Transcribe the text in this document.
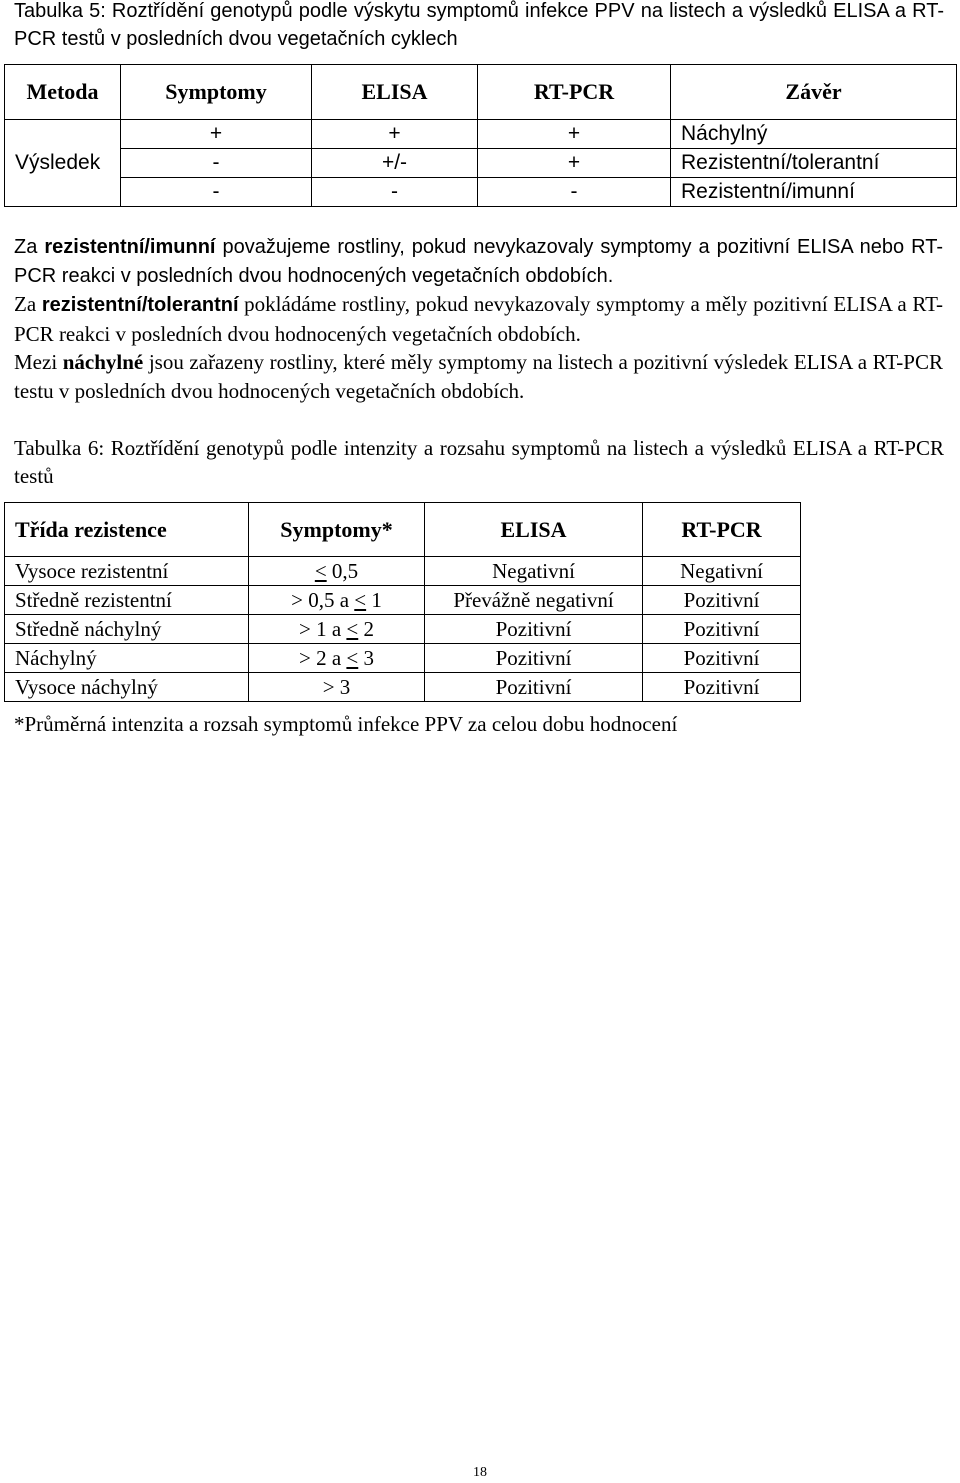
Tabulka 5: Roztřídění genotypů podle výskytu symptomů infekce PPV na listech a výsledků ELISA a RT-PCR testů v posledních dvou vegetačních cyklech
Metoda	Symptomy	ELISA	RT-PCR	Závěr
Výsledek	+	+	+	Náchylný
	-	+/-	+	Rezistentní/tolerantní
	-	-	-	Rezistentní/imunní

Za rezistentní/imunní považujeme rostliny, pokud nevykazovaly symptomy a pozitivní ELISA nebo RT-PCR reakci v posledních dvou hodnocených vegetačních obdobích.

Za rezistentní/tolerantní pokládáme rostliny, pokud nevykazovaly symptomy a měly pozitivní ELISA a RT-PCR reakci v posledních dvou hodnocených vegetačních obdobích.

Mezi náchylné jsou zařazeny rostliny, které měly symptomy na listech a pozitivní výsledek ELISA a RT-PCR testu v posledních dvou hodnocených vegetačních obdobích.

Tabulka 6: Roztřídění genotypů podle intenzity a rozsahu symptomů na listech a výsledků ELISA a RT-PCR testů
Třída rezistence	Symptomy*	ELISA	RT-PCR
Vysoce rezistentní	≤ 0,5	Negativní	Negativní
Středně rezistentní	> 0,5 a ≤ 1	Převážně negativní	Pozitivní
Středně náchylný	> 1 a ≤ 2	Pozitivní	Pozitivní
Náchylný	> 2 a ≤ 3	Pozitivní	Pozitivní
Vysoce náchylný	> 3	Pozitivní	Pozitivní
*Průměrná intenzita a rozsah symptomů infekce PPV za celou dobu hodnocení
18
